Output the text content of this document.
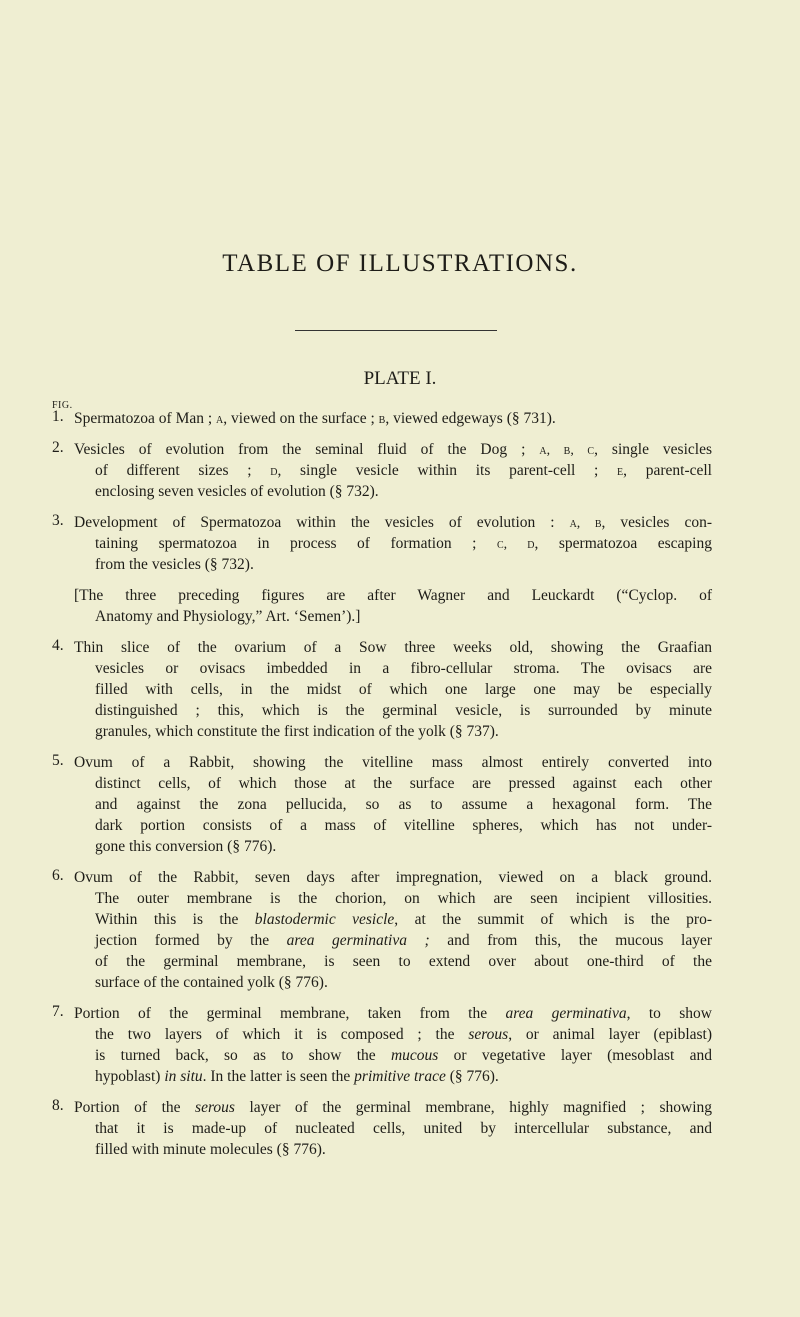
TABLE OF ILLUSTRATIONS.
PLATE I.
FIG.
1. Spermatozoa of Man ; a, viewed on the surface ; b, viewed edgeways (§ 731).
2. Vesicles of evolution from the seminal fluid of the Dog ; a, b, c, single vesicles
of different sizes ; d, single vesicle within its parent-cell ; e, parent-cell
enclosing seven vesicles of evolution (§ 732).
3. Development of Spermatozoa within the vesicles of evolution : a, b, vesicles con-
taining spermatozoa in process of formation ; c, d, spermatozoa escaping
from the vesicles (§ 732).
[The three preceding figures are after Wagner and Leuckardt (“Cyclop. of
Anatomy and Physiology,” Art. ‘Semen’).]
4. Thin slice of the ovarium of a Sow three weeks old, showing the Graafian
vesicles or ovisacs imbedded in a fibro-cellular stroma. The ovisacs are
filled with cells, in the midst of which one large one may be especially
distinguished ; this, which is the germinal vesicle, is surrounded by minute
granules, which constitute the first indication of the yolk (§ 737).
5. Ovum of a Rabbit, showing the vitelline mass almost entirely converted into
distinct cells, of which those at the surface are pressed against each other
and against the zona pellucida, so as to assume a hexagonal form. The
dark portion consists of a mass of vitelline spheres, which has not under-
gone this conversion (§ 776).
6. Ovum of the Rabbit, seven days after impregnation, viewed on a black ground.
The outer membrane is the chorion, on which are seen incipient villosities.
Within this is the blastodermic vesicle, at the summit of which is the pro-
jection formed by the area germinativa ; and from this, the mucous layer
of the germinal membrane, is seen to extend over about one-third of the
surface of the contained yolk (§ 776).
7. Portion of the germinal membrane, taken from the area germinativa, to show
the two layers of which it is composed ; the serous, or animal layer (epiblast)
is turned back, so as to show the mucous or vegetative layer (mesoblast and
hypoblast) in situ. In the latter is seen the primitive trace (§ 776).
8. Portion of the serous layer of the germinal membrane, highly magnified ; showing
that it is made-up of nucleated cells, united by intercellular substance, and
filled with minute molecules (§ 776).
